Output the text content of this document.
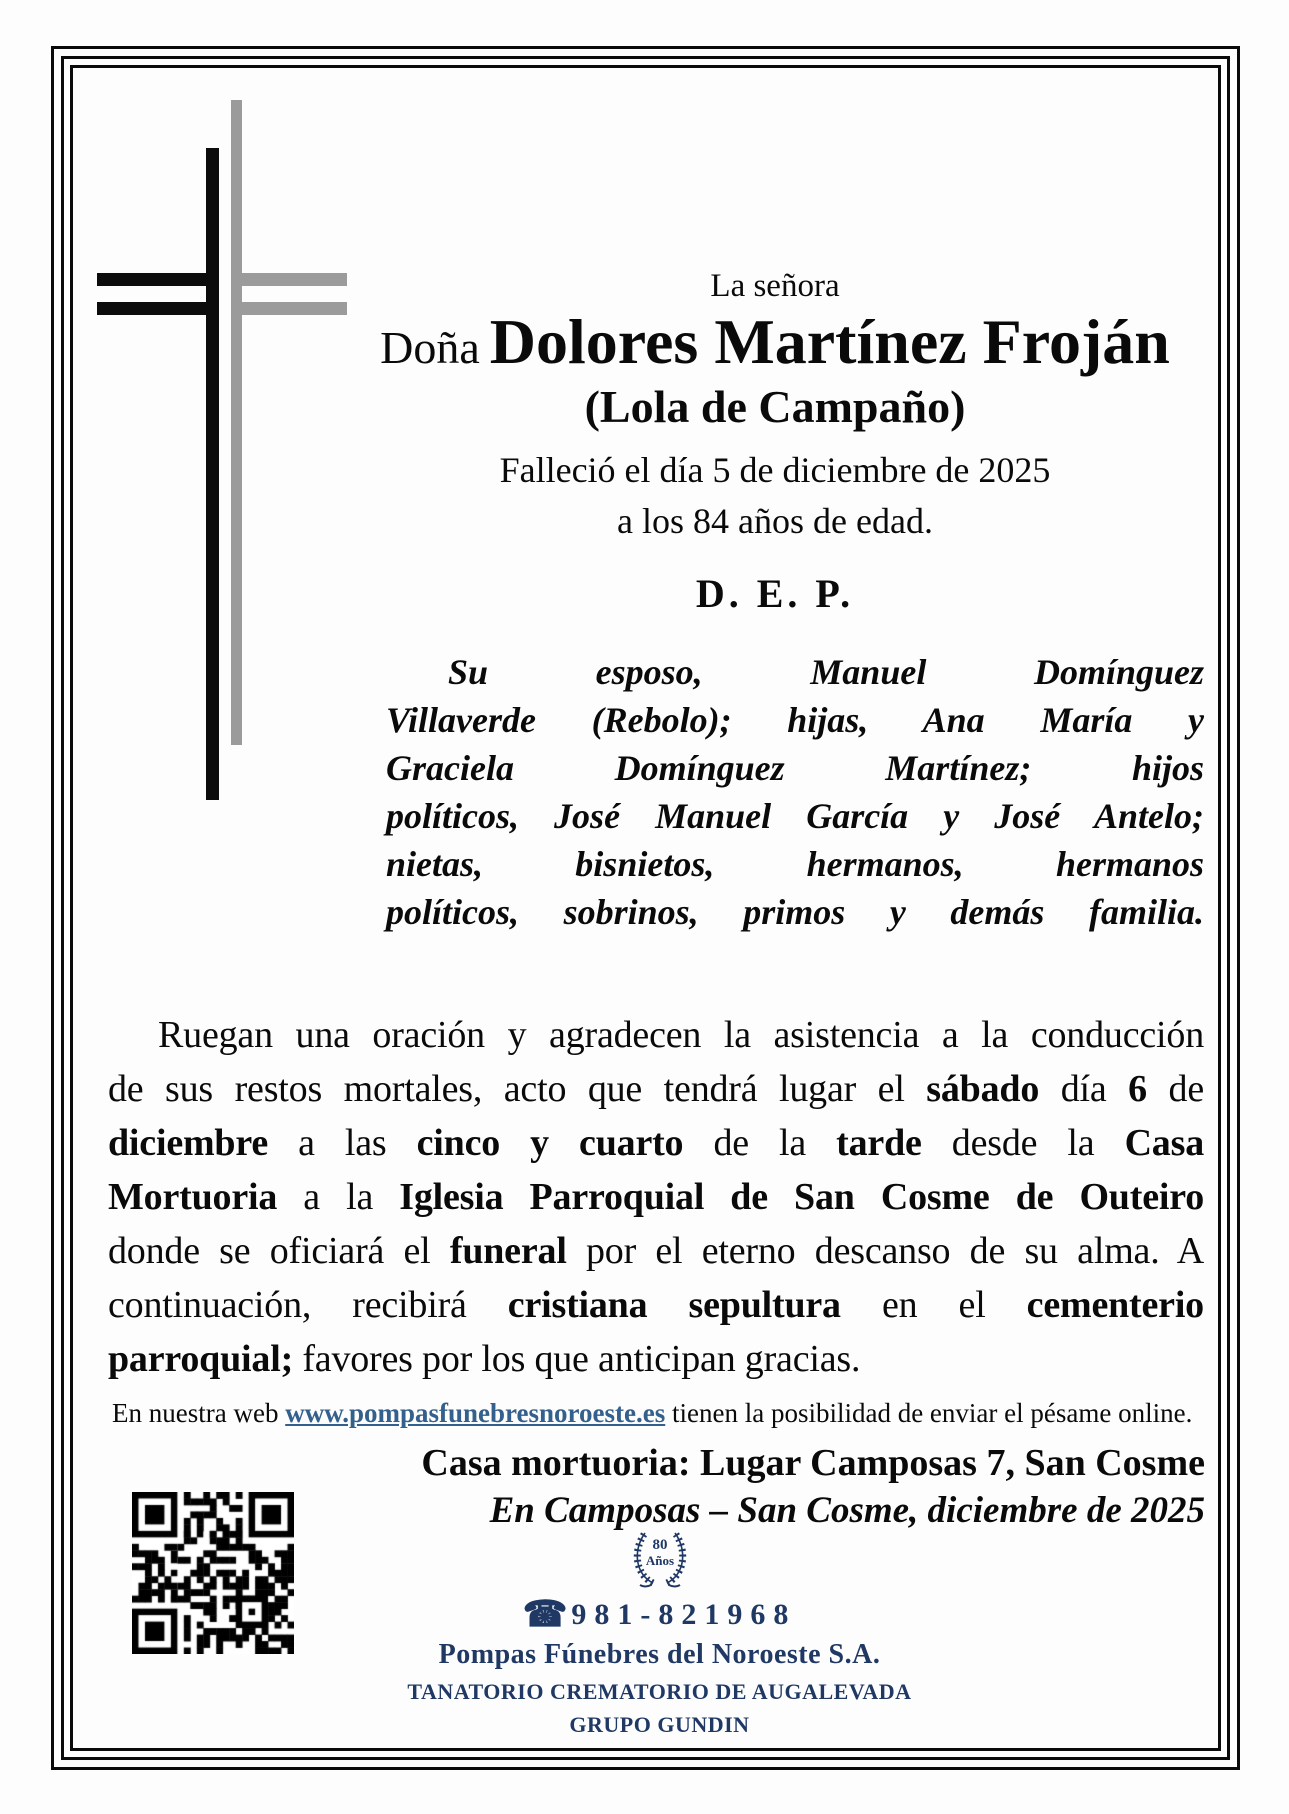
La señora
Doña Dolores Martínez Froján
(Lola de Campaño)
Falleció el día 5 de diciembre de 2025
a los 84 años de edad.
D. E. P.
Su esposo, Manuel Domínguez
Villaverde (Rebolo); hijas, Ana María y
Graciela Domínguez Martínez; hijos
políticos, José Manuel García y José Antelo;
nietas, bisnietos, hermanos, hermanos
políticos, sobrinos, primos y demás familia.
Ruegan una oración y agradecen la asistencia a la conducción
de sus restos mortales, acto que tendrá lugar el sábado día 6 de
diciembre a las cinco y cuarto de la tarde desde la Casa
Mortuoria a la Iglesia Parroquial de San Cosme de Outeiro
donde se oficiará el funeral por el eterno descanso de su alma. A
continuación, recibirá cristiana sepultura en el cementerio
parroquial; favores por los que anticipan gracias.
En nuestra web www.pompasfunebresnoroeste.es tienen la posibilidad de enviar el pésame online.
Casa mortuoria: Lugar Camposas 7, San Cosme
En Camposas – San Cosme, diciembre de 2025
80
Años
☎ 981-821968
Pompas Fúnebres del Noroeste S.A.
TANATORIO CREMATORIO DE AUGALEVADA
GRUPO GUNDIN
